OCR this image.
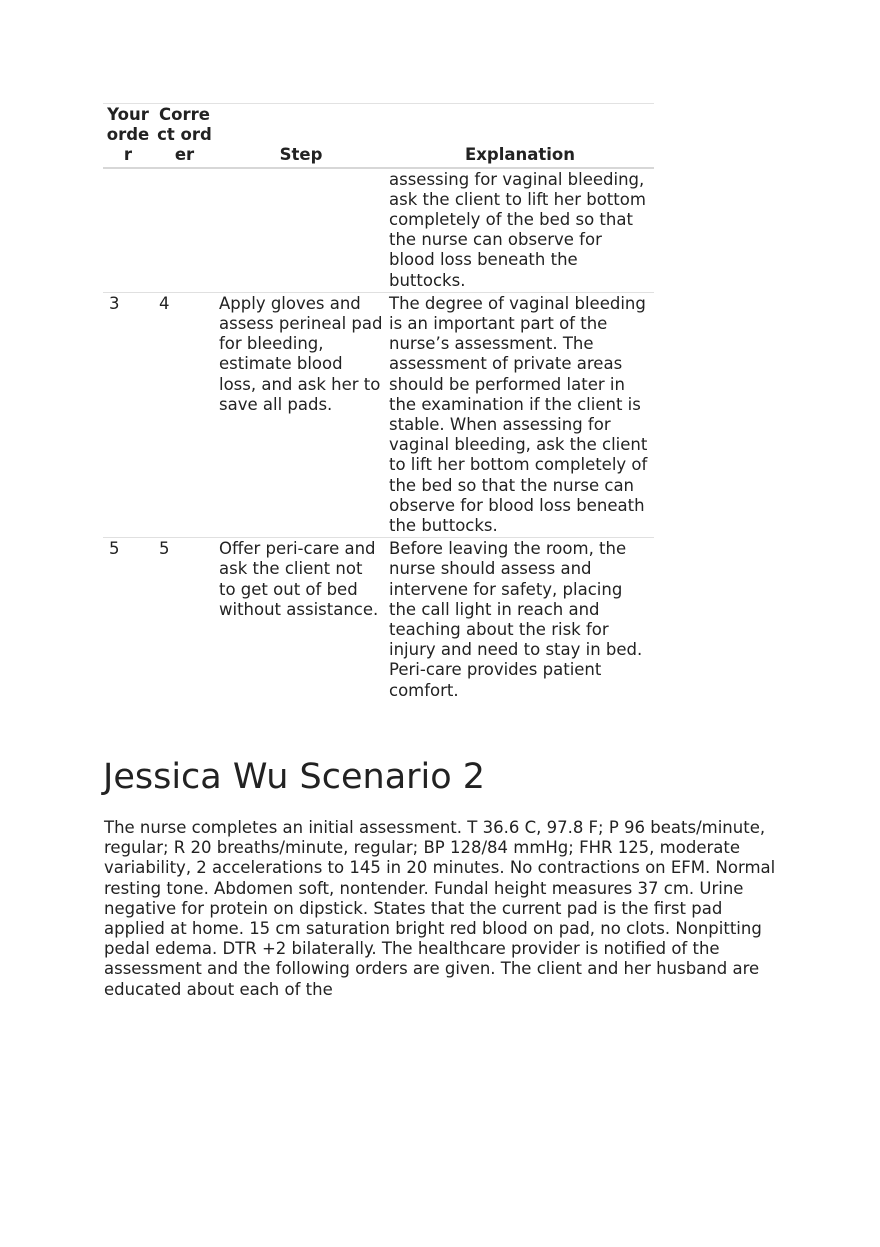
Your order	Correct order	Step	Explanation
			assessing for vaginal bleeding, ask the client to lift her bottom completely of the bed so that the nurse can observe for blood loss beneath the buttocks.
3	4	Apply gloves and assess perineal pad for bleeding, estimate blood loss, and ask her to save all pads.	The degree of vaginal bleeding is an important part of the nurse’s assessment. The assessment of private areas should be performed later in the examination if the client is stable. When assessing for vaginal bleeding, ask the client to lift her bottom completely of the bed so that the nurse can observe for blood loss beneath the buttocks.
5	5	Offer peri-care and ask the client not to get out of bed without assistance.	Before leaving the room, the nurse should assess and intervene for safety, placing the call light in reach and teaching about the risk for injury and need to stay in bed. Peri-care provides patient comfort.
Jessica Wu Scenario 2

The nurse completes an initial assessment. T 36.6 C, 97.8 F; P 96 beats/minute, regular; R 20 breaths/minute, regular; BP 128/84 mmHg; FHR 125, moderate variability, 2 accelerations to 145 in 20 minutes. No contractions on EFM. Normal resting tone. Abdomen soft, nontender. Fundal height measures 37 cm. Urine negative for protein on dipstick. States that the current pad is the first pad applied at home. 15 cm saturation bright red blood on pad, no clots. Nonpitting pedal edema. DTR +2 bilaterally. The healthcare provider is notified of the assessment and the following orders are given. The client and her husband are educated about each of the
